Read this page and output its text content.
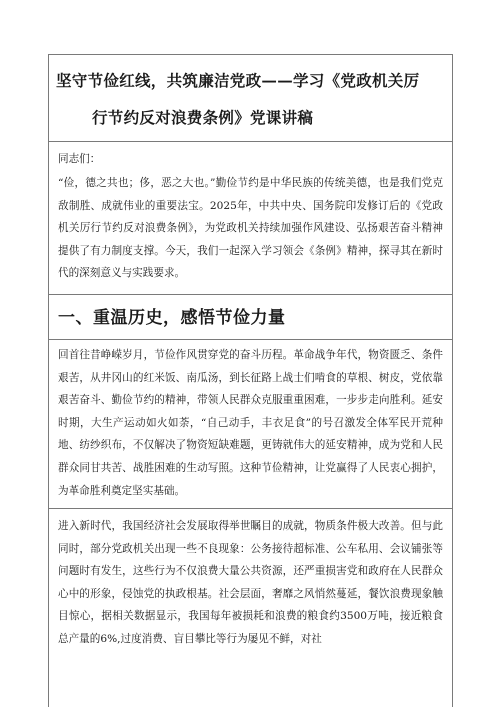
坚守节俭红线，共筑廉洁党政——学习《党政机关厉
行节约反对浪费条例》党课讲稿
同志们：
“俭，德之共也；侈，恶之大也。”勤俭节约是中华民族的传统美德，也是我们党克敌制胜、成就伟业的重要法宝。2025年，中共中央、国务院印发修订后的《党政机关厉行节约反对浪费条例》，为党政机关持续加强作风建设、弘扬艰苦奋斗精神提供了有力制度支撑。今天，我们一起深入学习领会《条例》精神，探寻其在新时代的深刻意义与实践要求。
一、重温历史，感悟节俭力量
回首往昔峥嵘岁月，节俭作风贯穿党的奋斗历程。革命战争年代，物资匮乏、条件艰苦，从井冈山的红米饭、南瓜汤，到长征路上战士们啃食的草根、树皮，党依靠艰苦奋斗、勤俭节约的精神，带领人民群众克服重重困难，一步步走向胜利。延安时期，大生产运动如火如荼，“自己动手，丰衣足食”的号召激发全体军民开荒种地、纺纱织布，不仅解决了物资短缺难题，更铸就伟大的延安精神，成为党和人民群众同甘共苦、战胜困难的生动写照。这种节俭精神，让党赢得了人民衷心拥护，为革命胜利奠定坚实基础。
进入新时代，我国经济社会发展取得举世瞩目的成就，物质条件极大改善。但与此同时，部分党政机关出现一些不良现象：公务接待超标准、公车私用、会议铺张等问题时有发生，这些行为不仅浪费大量公共资源，还严重损害党和政府在人民群众心中的形象，侵蚀党的执政根基。社会层面，奢靡之风悄然蔓延，餐饮浪费现象触目惊心，据相关数据显示，我国每年被损耗和浪费的粮食约3500万吨，接近粮食总产量的6%,过度消费、盲目攀比等行为屡见不鲜，对社
